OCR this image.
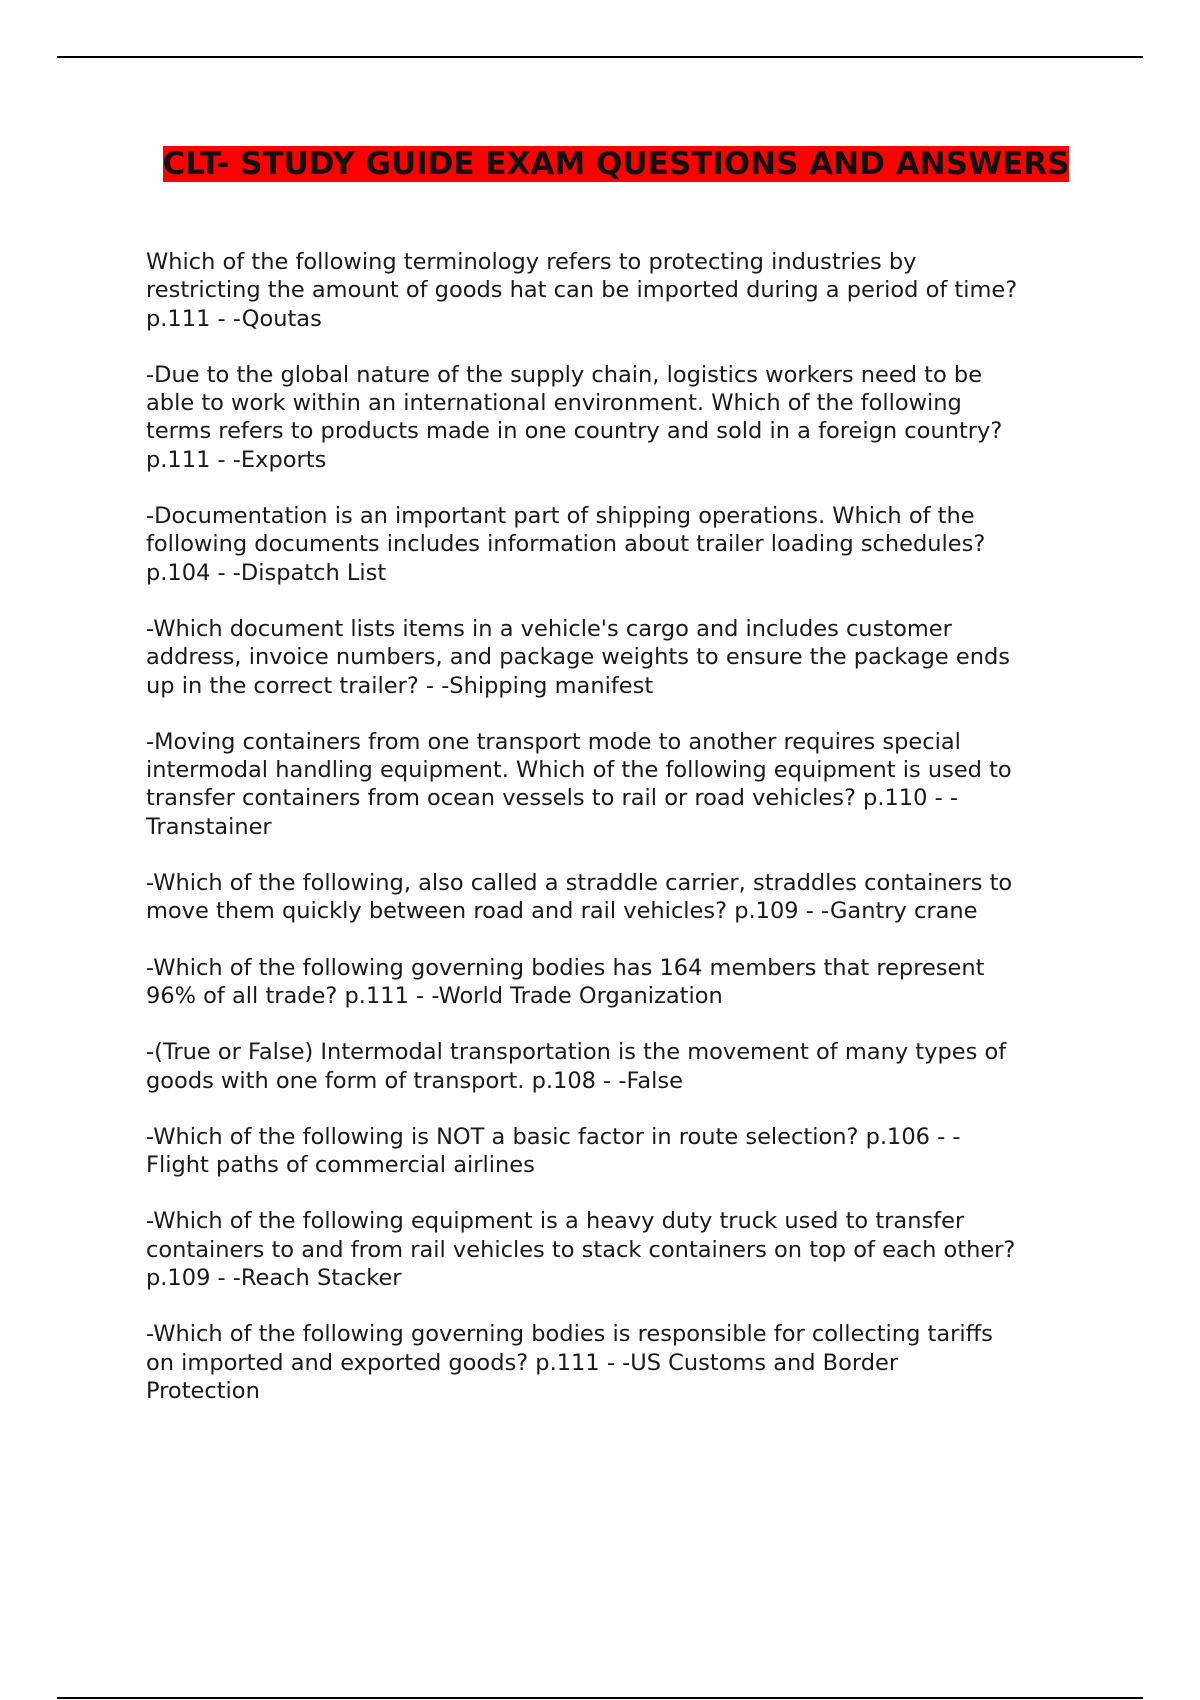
CLT- STUDY GUIDE EXAM QUESTIONS AND ANSWERS
Which of the following terminology refers to protecting industries by
restricting the amount of goods hat can be imported during a period of time?
p.111 - -Qoutas
-Due to the global nature of the supply chain, logistics workers need to be
able to work within an international environment. Which of the following
terms refers to products made in one country and sold in a foreign country?
p.111 - -Exports
-Documentation is an important part of shipping operations. Which of the
following documents includes information about trailer loading schedules?
p.104 - -Dispatch List
-Which document lists items in a vehicle's cargo and includes customer
address, invoice numbers, and package weights to ensure the package ends
up in the correct trailer? - -Shipping manifest
-Moving containers from one transport mode to another requires special
intermodal handling equipment. Which of the following equipment is used to
transfer containers from ocean vessels to rail or road vehicles? p.110 - -
Transtainer
-Which of the following, also called a straddle carrier, straddles containers to
move them quickly between road and rail vehicles? p.109 - -Gantry crane
-Which of the following governing bodies has 164 members that represent
96% of all trade? p.111 - -World Trade Organization
-(True or False) Intermodal transportation is the movement of many types of
goods with one form of transport. p.108 - -False
-Which of the following is NOT a basic factor in route selection? p.106 - -
Flight paths of commercial airlines
-Which of the following equipment is a heavy duty truck used to transfer
containers to and from rail vehicles to stack containers on top of each other?
p.109 - -Reach Stacker
-Which of the following governing bodies is responsible for collecting tariffs
on imported and exported goods? p.111 - -US Customs and Border
Protection
